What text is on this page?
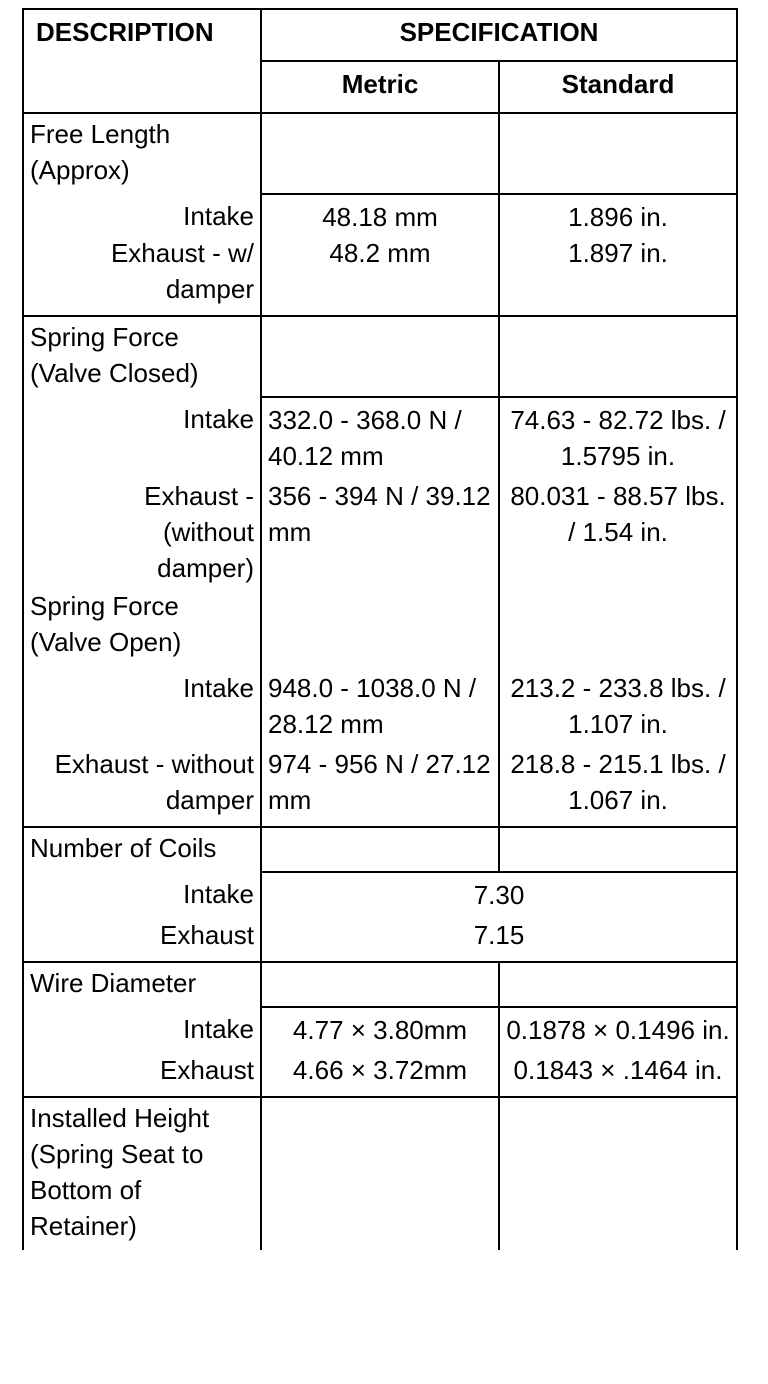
DESCRIPTION	SPECIFICATION	
	Metric	Standard
Free Length (Approx)		
Intake	48.18 mm	1.896 in.
Exhaust - w/ damper	48.2 mm	1.897 in.
Spring Force (Valve Closed)		
Intake	332.0 - 368.0 N / 40.12 mm	74.63 - 82.72 lbs. / 1.5795 in.
Exhaust - (without damper)	356 - 394 N / 39.12 mm	80.031 - 88.57 lbs. / 1.54 in.
Spring Force (Valve Open)		
Intake	948.0 - 1038.0 N / 28.12 mm	213.2 - 233.8 lbs. / 1.107 in.
Exhaust - without damper	974 - 956 N / 27.12 mm	218.8 - 215.1 lbs. / 1.067 in.
Number of Coils		
Intake	7.30	
Exhaust	7.15	
Wire Diameter		
Intake	4.77 × 3.80mm	0.1878 × 0.1496 in.
Exhaust	4.66 × 3.72mm	0.1843 × .1464 in.
Installed Height (Spring Seat to Bottom of Retainer)		
